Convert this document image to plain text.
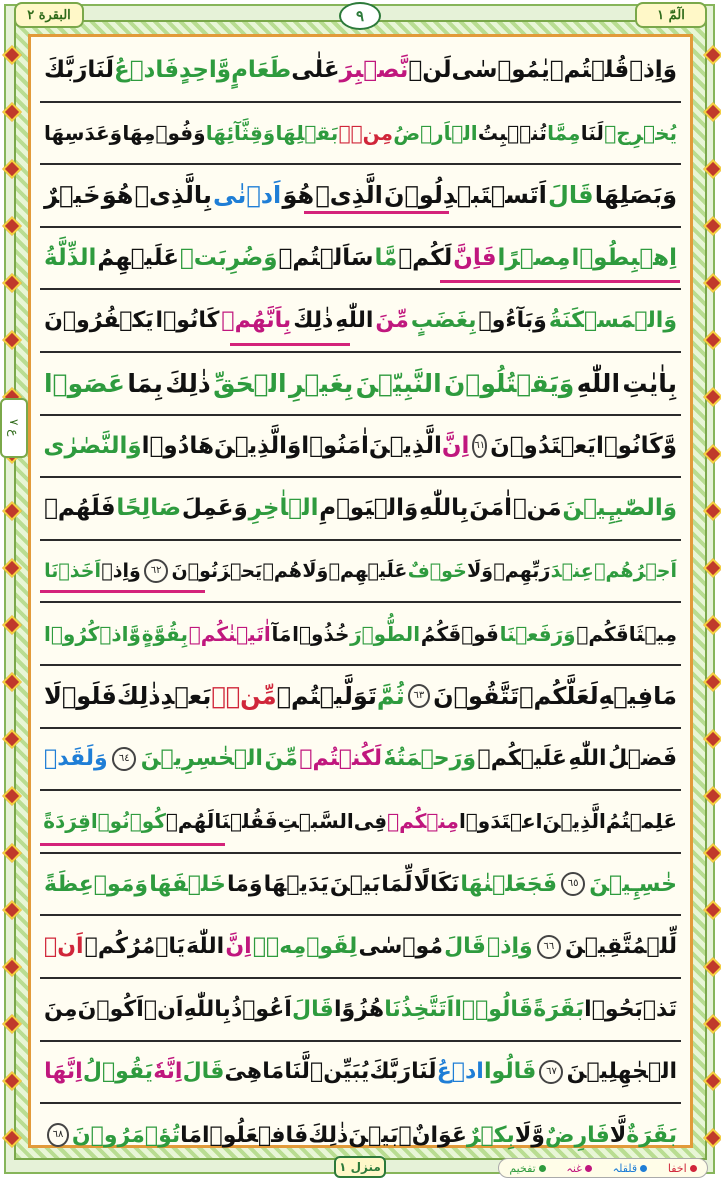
البقرة ٢	٩	الٓمّٓ ١
ع ٧
وَاِذۡ
قُلۡتُمۡ
یٰمُوۡسٰی
لَنۡ
نَّصۡبِرَ
عَلٰی
طَعَامٍ
وَّاحِدٍ
فَادۡعُ
لَنَا
رَبَّكَ
یُخۡرِجۡ
لَنَا
مِمَّا
تُنۡۢبِتُ
الۡاَرۡضُ
مِنۡۢ
بَقۡلِهَا
وَقِثَّآئِهَا
وَفُوۡمِهَا
وَعَدَسِهَا
وَبَصَلِهَا
قَالَ
اَتَسۡتَبۡدِلُوۡنَ
الَّذِیۡ
هُوَ
اَدۡنٰی
بِالَّذِیۡ
هُوَ
خَیۡرٌ
اِهۡبِطُوۡا
مِصۡرًا
فَاِنَّ
لَكُمۡ
مَّا
سَاَلۡتُمۡ
وَضُرِبَتۡ
عَلَیۡهِمُ
الذِّلَّةُ
وَالۡمَسۡكَنَةُ
وَبَآءُوۡ
بِغَضَبٍ
مِّنَ
اللّٰهِ
ذٰلِكَ
بِاَنَّهُمۡ
كَانُوۡا
یَكۡفُرُوۡنَ
بِاٰیٰتِ
اللّٰهِ
وَیَقۡتُلُوۡنَ
النَّبِیّٖنَ
بِغَیۡرِ
الۡحَقِّ
ذٰلِكَ
بِمَا
عَصَوۡا
وَّكَانُوۡا
یَعۡتَدُوۡنَ
٦١
اِنَّ
الَّذِیۡنَ
اٰمَنُوۡا
وَالَّذِیۡنَ
هَادُوۡا
وَالنَّصٰرٰی
وَالصّٰبِـِٕیۡنَ
مَنۡ
اٰمَنَ
بِاللّٰهِ
وَالۡیَوۡمِ
الۡاٰخِرِ
وَعَمِلَ
صَالِحًا
فَلَهُمۡ
اَجۡرُهُمۡ
عِنۡدَ
رَبِّهِمۡ
وَلَا
خَوۡفٌ
عَلَیۡهِمۡ
وَلَا
هُمۡ
یَحۡزَنُوۡنَ
٦٢
وَاِذۡ
اَخَذۡنَا
مِیۡثَاقَكُمۡ
وَرَفَعۡنَا
فَوۡقَكُمُ
الطُّوۡرَ
خُذُوۡا
مَآ
اٰتَیۡنٰكُمۡ
بِقُوَّةٍ
وَّاذۡكُرُوۡا
مَا
فِیۡهِ
لَعَلَّكُمۡ
تَتَّقُوۡنَ
٦٣
ثُمَّ
تَوَلَّیۡتُمۡ
مِّنۡۢ
بَعۡدِ
ذٰلِكَ
فَلَوۡلَا
فَضۡلُ
اللّٰهِ
عَلَیۡكُمۡ
وَرَحۡمَتُهٗ
لَكُنۡتُمۡ
مِّنَ
الۡخٰسِرِیۡنَ
٦٤
وَلَقَدۡ
عَلِمۡتُمُ
الَّذِیۡنَ
اعۡتَدَوۡا
مِنۡكُمۡ
فِی
السَّبۡتِ
فَقُلۡنَا
لَهُمۡ
كُوۡنُوۡا
قِرَدَةً
خٰسِـِٕیۡنَ
٦٥
فَجَعَلۡنٰهَا
نَكَالًا
لِّمَا
بَیۡنَ
یَدَیۡهَا
وَمَا
خَلۡفَهَا
وَمَوۡعِظَةً
لِّلۡمُتَّقِیۡنَ
٦٦
وَاِذۡ
قَالَ
مُوۡسٰی
لِقَوۡمِهٖۤ
اِنَّ
اللّٰهَ
یَاۡمُرُكُمۡ
اَنۡ
تَذۡبَحُوۡا
بَقَرَةً
قَالُوۡۤا
اَتَتَّخِذُنَا
هُزُوًا
قَالَ
اَعُوۡذُ
بِاللّٰهِ
اَنۡ
اَكُوۡنَ
مِنَ
الۡجٰهِلِیۡنَ
٦٧
قَالُوا
ادۡعُ
لَنَا
رَبَّكَ
یُبَیِّنۡ
لَّنَا
مَا
هِیَ
قَالَ
اِنَّهٗ
یَقُوۡلُ
اِنَّهَا
بَقَرَةٌ
لَّا
فَارِضٌ
وَّلَا
بِكۡرٌ
عَوَانٌۢ
بَیۡنَ
ذٰلِكَ
فَافۡعَلُوۡا
مَا
تُؤۡمَرُوۡنَ
٦٨
منزل ١	اخفا
قلقلہ
غنہ
تفخیم
